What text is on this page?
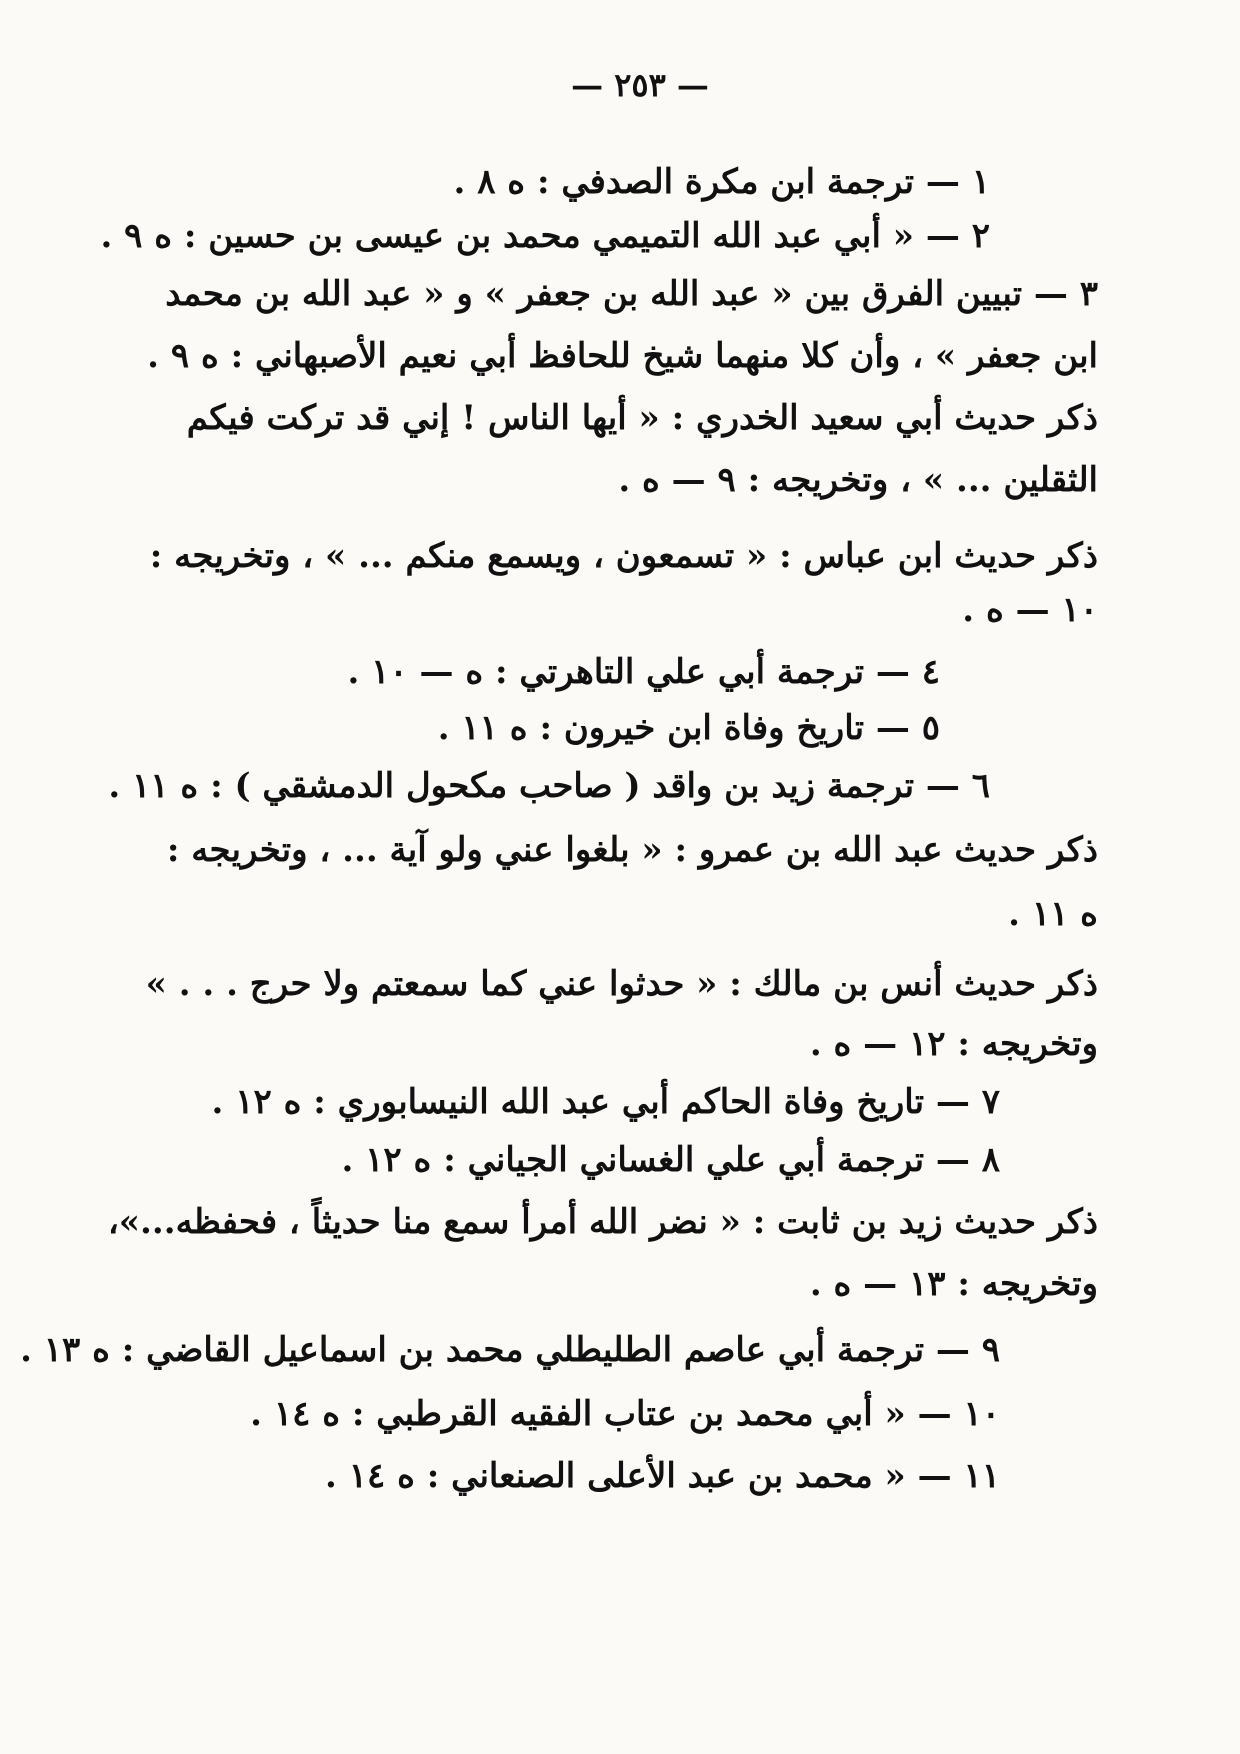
— ٢٥٣ —
١ — ترجمة ابن مكرة الصدفي : ه ٨ .
٢ — « أبي عبد الله التميمي محمد بن عيسى بن حسين : ه ٩ .
٣ — تبيين الفرق بين « عبد الله بن جعفر » و « عبد الله بن محمد
ابن جعفر » ، وأن كلا منهما شيخ للحافظ أبي نعيم الأصبهاني : ه ٩ .
ذكر حديث أبي سعيد الخدري : « أيها الناس ! إني قد تركت فيكم
الثقلين ... » ، وتخريجه : ٩ — ه .
ذكر حديث ابن عباس : « تسمعون ، ويسمع منكم ... » ، وتخريجه :
١٠ — ه .
٤ — ترجمة أبي علي التاهرتي : ه — ١٠ .
٥ — تاريخ وفاة ابن خيرون : ه ١١ .
٦ — ترجمة زيد بن واقد ( صاحب مكحول الدمشقي ) : ه ١١ .
ذكر حديث عبد الله بن عمرو : « بلغوا عني ولو آية ... ، وتخريجه :
ه ١١ .
ذكر حديث أنس بن مالك : « حدثوا عني كما سمعتم ولا حرج . . . »
وتخريجه : ١٢ — ه .
٧ — تاريخ وفاة الحاكم أبي عبد الله النيسابوري : ه ١٢ .
٨ — ترجمة أبي علي الغساني الجياني : ه ١٢ .
ذكر حديث زيد بن ثابت : « نضر الله أمرأ سمع منا حديثاً ، فحفظه...»،
وتخريجه : ١٣ — ه .
٩ — ترجمة أبي عاصم الطليطلي محمد بن اسماعيل القاضي : ه ١٣ .
١٠ — « أبي محمد بن عتاب الفقيه القرطبي : ه ١٤ .
١١ — « محمد بن عبد الأعلى الصنعاني : ه ١٤ .
